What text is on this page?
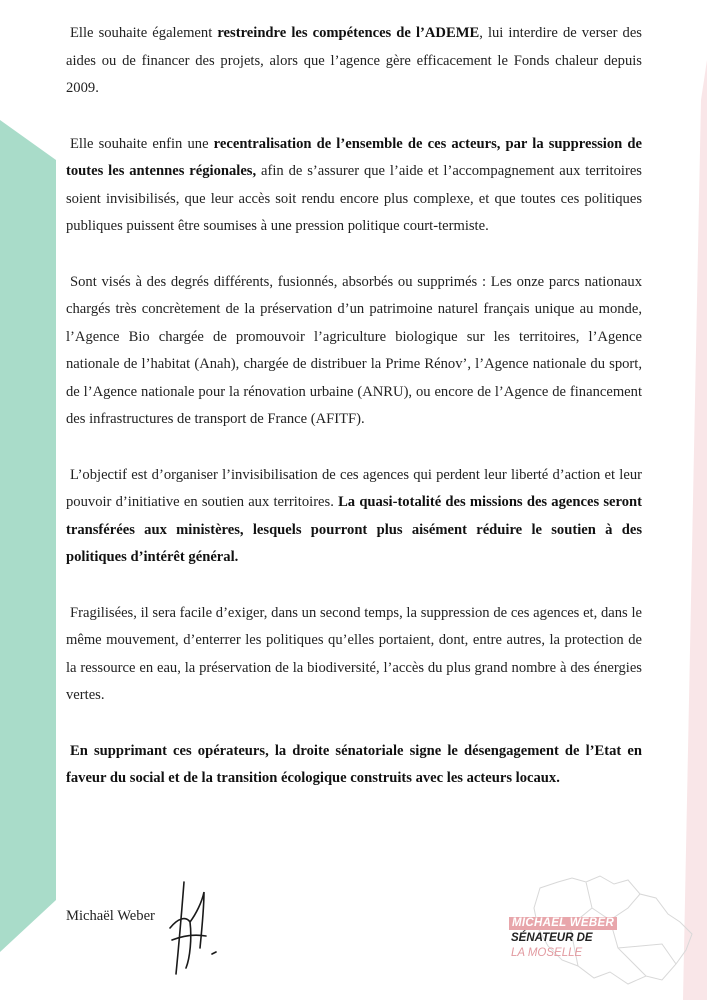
Elle souhaite également restreindre les compétences de l’ADEME, lui interdire de verser des aides ou de financer des projets, alors que l’agence gère efficacement le Fonds chaleur depuis 2009.

Elle souhaite enfin une recentralisation de l’ensemble de ces acteurs, par la suppression de toutes les antennes régionales, afin de s’assurer que l’aide et l’accompagnement aux territoires soient invisibilisés, que leur accès soit rendu encore plus complexe, et que toutes ces politiques publiques puissent être soumises à une pression politique court-termiste.

Sont visés à des degrés différents, fusionnés, absorbés ou supprimés : Les onze parcs nationaux chargés très concrètement de la préservation d’un patrimoine naturel français unique au monde, l’Agence Bio chargée de promouvoir l’agriculture biologique sur les territoires, l’Agence nationale de l’habitat (Anah), chargée de distribuer la Prime Rénov’, l’Agence nationale du sport, de l’Agence nationale pour la rénovation urbaine (ANRU), ou encore de l’Agence de financement des infrastructures de transport de France (AFITF).

L’objectif est d’organiser l’invisibilisation de ces agences qui perdent leur liberté d’action et leur pouvoir d’initiative en soutien aux territoires. La quasi-totalité des missions des agences seront transférées aux ministères, lesquels pourront plus aisément réduire le soutien à des politiques d’intérêt général.

Fragilisées, il sera facile d’exiger, dans un second temps, la suppression de ces agences et, dans le même mouvement, d’enterrer les politiques qu’elles portaient, dont, entre autres, la protection de la ressource en eau, la préservation de la biodiversité, l’accès du plus grand nombre à des énergies vertes.

En supprimant ces opérateurs, la droite sénatoriale signe le désengagement de l’Etat en faveur du social et de la transition écologique construits avec les acteurs locaux.

Michaël Weber	MICHAËL WEBER
SÉNATEUR DE
LA MOSELLE
